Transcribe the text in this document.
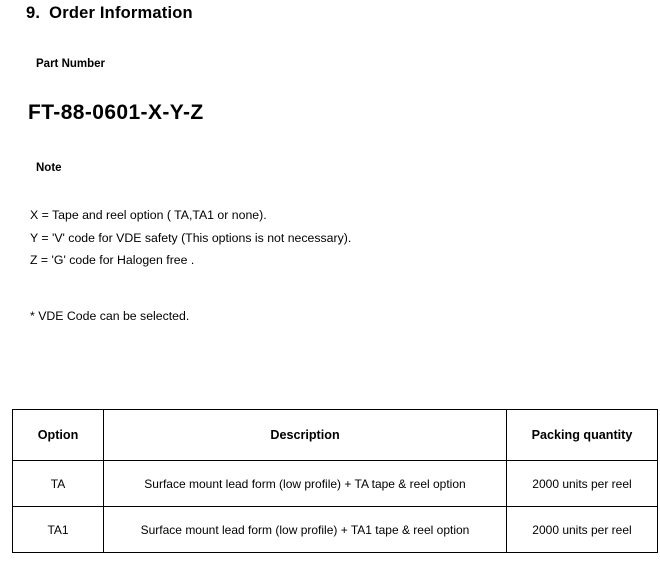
9. Order Information
Part Number
FT-88-0601-X-Y-Z
Note
X = Tape and reel option ( TA,TA1 or none).
Y = 'V' code for VDE safety (This options is not necessary).
Z = 'G' code for Halogen free .
* VDE Code can be selected.
Option	Description	Packing quantity
TA	Surface mount lead form (low profile) + TA tape & reel option	2000 units per reel
TA1	Surface mount lead form (low profile) + TA1 tape & reel option	2000 units per reel
